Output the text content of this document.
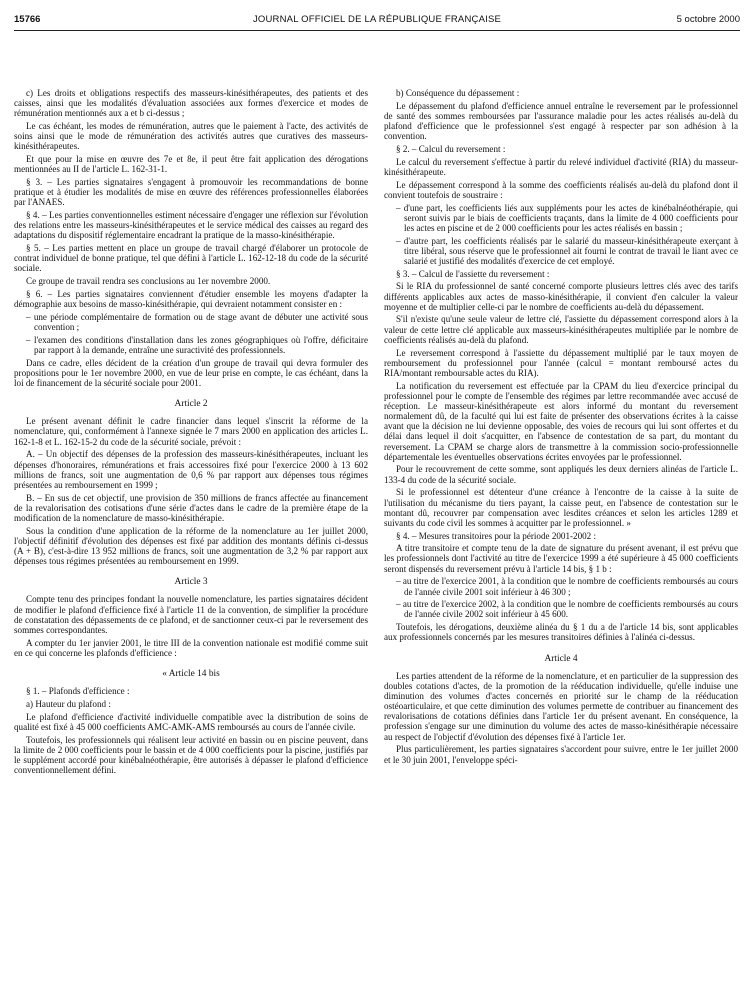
15766	JOURNAL OFFICIEL DE LA RÉPUBLIQUE FRANÇAISE	5 octobre 2000

c) Les droits et obligations respectifs des masseurs-kinésithérapeutes, des patients et des caisses, ainsi que les modalités d'évaluation associées aux formes d'exercice et modes de rémunération mentionnés aux a et b ci-dessus ;

Le cas échéant, les modes de rémunération, autres que le paiement à l'acte, des activités de soins ainsi que le mode de rémunération des activités autres que curatives des masseurs-kinésithérapeutes.

Et que pour la mise en œuvre des 7e et 8e, il peut être fait application des dérogations mentionnées au II de l'article L. 162-31-1.

§ 3. – Les parties signataires s'engagent à promouvoir les recommandations de bonne pratique et à étudier les modalités de mise en œuvre des références professionnelles élaborées par l'ANAES.

§ 4. – Les parties conventionnelles estiment nécessaire d'engager une réflexion sur l'évolution des relations entre les masseurs-kinésithérapeutes et le service médical des caisses au regard des adaptations du dispositif réglementaire encadrant la pratique de la masso-kinésithérapie.

§ 5. – Les parties mettent en place un groupe de travail chargé d'élaborer un protocole de contrat individuel de bonne pratique, tel que défini à l'article L. 162-12-18 du code de la sécurité sociale.

Ce groupe de travail rendra ses conclusions au 1er novembre 2000.

§ 6. – Les parties signataires conviennent d'étudier ensemble les moyens d'adapter la démographie aux besoins de masso-kinésithérapie, qui devraient notamment consister en :

– une période complémentaire de formation ou de stage avant de débuter une activité sous convention ;

– l'examen des conditions d'installation dans les zones géographiques où l'offre, déficitaire par rapport à la demande, entraîne une suractivité des professionnels.

Dans ce cadre, elles décident de la création d'un groupe de travail qui devra formuler des propositions pour le 1er novembre 2000, en vue de leur prise en compte, le cas échéant, dans la loi de financement de la sécurité sociale pour 2001.

Article 2

Le présent avenant définit le cadre financier dans lequel s'inscrit la réforme de la nomenclature, qui, conformément à l'annexe signée le 7 mars 2000 en application des articles L. 162-1-8 et L. 162-15-2 du code de la sécurité sociale, prévoit :

A. – Un objectif des dépenses de la profession des masseurs-kinésithérapeutes, incluant les dépenses d'honoraires, rémunérations et frais accessoires fixé pour l'exercice 2000 à 13 602 millions de francs, soit une augmentation de 0,6 % par rapport aux dépenses tous régimes présentées au remboursement en 1999 ;

B. – En sus de cet objectif, une provision de 350 millions de francs affectée au financement de la revalorisation des cotisations d'une série d'actes dans le cadre de la première étape de la modification de la nomenclature de masso-kinésithérapie.

Sous la condition d'une application de la réforme de la nomenclature au 1er juillet 2000, l'objectif définitif d'évolution des dépenses est fixé par addition des montants définis ci-dessus (A + B), c'est-à-dire 13 952 millions de francs, soit une augmentation de 3,2 % par rapport aux dépenses tous régimes présentées au remboursement en 1999.

Article 3

Compte tenu des principes fondant la nouvelle nomenclature, les parties signataires décident de modifier le plafond d'efficience fixé à l'article 11 de la convention, de simplifier la procédure de constatation des dépassements de ce plafond, et de sanctionner ceux-ci par le reversement des sommes correspondantes.

A compter du 1er janvier 2001, le titre III de la convention nationale est modifié comme suit en ce qui concerne les plafonds d'efficience :

« Article 14 bis

§ 1. – Plafonds d'efficience :

a) Hauteur du plafond :

Le plafond d'efficience d'activité individuelle compatible avec la distribution de soins de qualité est fixé à 45 000 coefficients AMC-AMK-AMS remboursés au cours de l'année civile.

Toutefois, les professionnels qui réalisent leur activité en bassin ou en piscine peuvent, dans la limite de 2 000 coefficients pour le bassin et de 4 000 coefficients pour la piscine, justifiés par le supplément accordé pour kinébalnéothérapie, être autorisés à dépasser le plafond d'efficience conventionnellement défini.

b) Conséquence du dépassement :

Le dépassement du plafond d'efficience annuel entraîne le reversement par le professionnel de santé des sommes remboursées par l'assurance maladie pour les actes réalisés au-delà du plafond d'efficience que le professionnel s'est engagé à respecter par son adhésion à la convention.

§ 2. – Calcul du reversement :

Le calcul du reversement s'effectue à partir du relevé individuel d'activité (RIA) du masseur-kinésithérapeute.

Le dépassement correspond à la somme des coefficients réalisés au-delà du plafond dont il convient toutefois de soustraire :

– d'une part, les coefficients liés aux suppléments pour les actes de kinébalnéothérapie, qui seront suivis par le biais de coefficients traçants, dans la limite de 4 000 coefficients pour les actes en piscine et de 2 000 coefficients pour les actes réalisés en bassin ;

– d'autre part, les coefficients réalisés par le salarié du masseur-kinésithérapeute exerçant à titre libéral, sous réserve que le professionnel ait fourni le contrat de travail le liant avec ce salarié et justifié des modalités d'exercice de cet employé.

§ 3. – Calcul de l'assiette du reversement :

Si le RIA du professionnel de santé concerné comporte plusieurs lettres clés avec des tarifs différents applicables aux actes de masso-kinésithérapie, il convient d'en calculer la valeur moyenne et de multiplier celle-ci par le nombre de coefficients au-delà du dépassement.

S'il n'existe qu'une seule valeur de lettre clé, l'assiette du dépassement correspond alors à la valeur de cette lettre clé applicable aux masseurs-kinésithérapeutes multipliée par le nombre de coefficients réalisés au-delà du plafond.

Le reversement correspond à l'assiette du dépassement multiplié par le taux moyen de remboursement du professionnel pour l'année (calcul = montant remboursé actes du RIA/montant remboursable actes du RIA).

La notification du reversement est effectuée par la CPAM du lieu d'exercice principal du professionnel pour le compte de l'ensemble des régimes par lettre recommandée avec accusé de réception. Le masseur-kinésithérapeute est alors informé du montant du reversement normalement dû, de la faculté qui lui est faite de présenter des observations écrites à la caisse avant que la décision ne lui devienne opposable, des voies de recours qui lui sont offertes et du délai dans lequel il doit s'acquitter, en l'absence de contestation de sa part, du montant du reversement. La CPAM se charge alors de transmettre à la commission socio-professionnelle départementale les éventuelles observations écrites envoyées par le professionnel.

Pour le recouvrement de cette somme, sont appliqués les deux derniers alinéas de l'article L. 133-4 du code de la sécurité sociale.

Si le professionnel est détenteur d'une créance à l'encontre de la caisse à la suite de l'utilisation du mécanisme du tiers payant, la caisse peut, en l'absence de contestation sur le montant dû, recouvrer par compensation avec lesdites créances et selon les articles 1289 et suivants du code civil les sommes à acquitter par le professionnel. »

§ 4. – Mesures transitoires pour la période 2001-2002 :

A titre transitoire et compte tenu de la date de signature du présent avenant, il est prévu que les professionnels dont l'activité au titre de l'exercice 1999 a été supérieure à 45 000 coefficients seront dispensés du reversement prévu à l'article 14 bis, § 1 b :

– au titre de l'exercice 2001, à la condition que le nombre de coefficients remboursés au cours de l'année civile 2001 soit inférieur à 46 300 ;

– au titre de l'exercice 2002, à la condition que le nombre de coefficients remboursés au cours de l'année civile 2002 soit inférieur à 45 600.

Toutefois, les dérogations, deuxième alinéa du § 1 du a de l'article 14 bis, sont applicables aux professionnels concernés par les mesures transitoires définies à l'alinéa ci-dessus.

Article 4

Les parties attendent de la réforme de la nomenclature, et en particulier de la suppression des doubles cotations d'actes, de la promotion de la rééducation individuelle, qu'elle induise une diminution des volumes d'actes concernés en priorité sur le champ de la rééducation ostéoarticulaire, et que cette diminution des volumes permette de contribuer au financement des revalorisations de cotations définies dans l'article 1er du présent avenant. En conséquence, la profession s'engage sur une diminution du volume des actes de masso-kinésithérapie nécessaire au respect de l'objectif d'évolution des dépenses fixé à l'article 1er.

Plus particulièrement, les parties signataires s'accordent pour suivre, entre le 1er juillet 2000 et le 30 juin 2001, l'enveloppe spéci-
